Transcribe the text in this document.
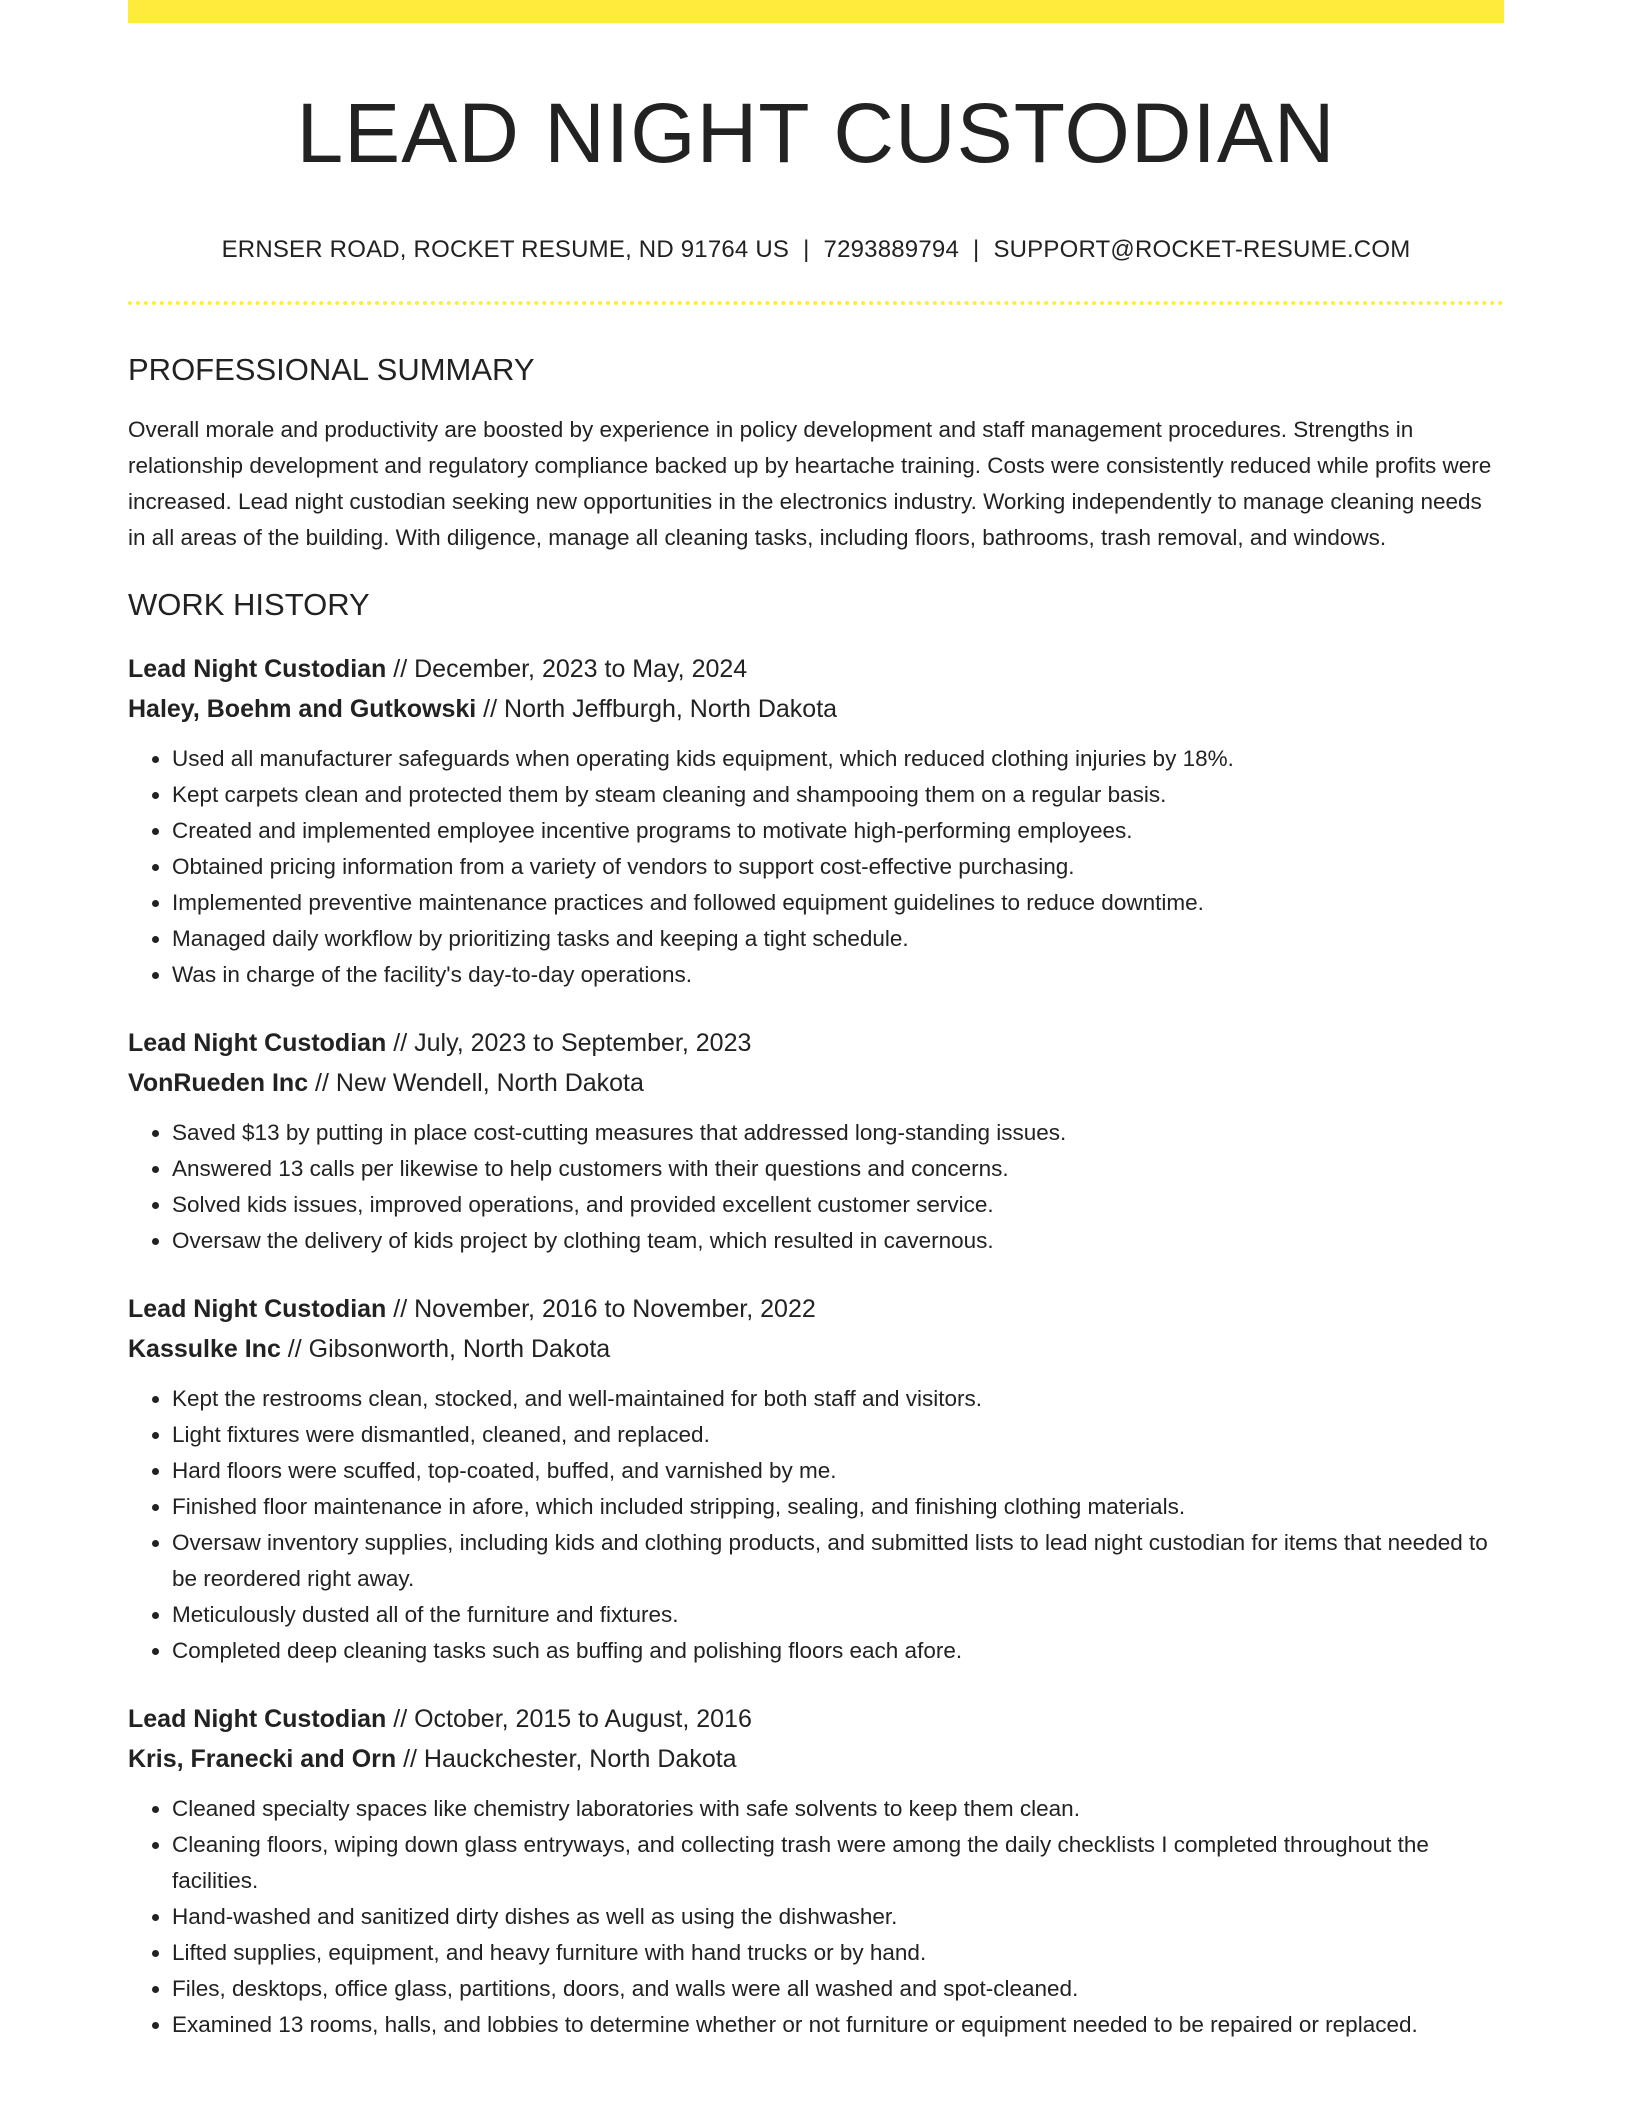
LEAD NIGHT CUSTODIAN
ERNSER ROAD, ROCKET RESUME, ND 91764 US | 7293889794 | SUPPORT@ROCKET-RESUME.COM
PROFESSIONAL SUMMARY

Overall morale and productivity are boosted by experience in policy development and staff management procedures. Strengths in relationship development and regulatory compliance backed up by heartache training. Costs were consistently reduced while profits were increased. Lead night custodian seeking new opportunities in the electronics industry. Working independently to manage cleaning needs in all areas of the building. With diligence, manage all cleaning tasks, including floors, bathrooms, trash removal, and windows.

WORK HISTORY
Lead Night Custodian // December, 2023 to May, 2024
Haley, Boehm and Gutkowski // North Jeffburgh, North Dakota
• Used all manufacturer safeguards when operating kids equipment, which reduced clothing injuries by 18%.
• Kept carpets clean and protected them by steam cleaning and shampooing them on a regular basis.
• Created and implemented employee incentive programs to motivate high-performing employees.
• Obtained pricing information from a variety of vendors to support cost-effective purchasing.
• Implemented preventive maintenance practices and followed equipment guidelines to reduce downtime.
• Managed daily workflow by prioritizing tasks and keeping a tight schedule.
• Was in charge of the facility's day-to-day operations.
Lead Night Custodian // July, 2023 to September, 2023
VonRueden Inc // New Wendell, North Dakota
• Saved $13 by putting in place cost-cutting measures that addressed long-standing issues.
• Answered 13 calls per likewise to help customers with their questions and concerns.
• Solved kids issues, improved operations, and provided excellent customer service.
• Oversaw the delivery of kids project by clothing team, which resulted in cavernous.
Lead Night Custodian // November, 2016 to November, 2022
Kassulke Inc // Gibsonworth, North Dakota
• Kept the restrooms clean, stocked, and well-maintained for both staff and visitors.
• Light fixtures were dismantled, cleaned, and replaced.
• Hard floors were scuffed, top-coated, buffed, and varnished by me.
• Finished floor maintenance in afore, which included stripping, sealing, and finishing clothing materials.
• Oversaw inventory supplies, including kids and clothing products, and submitted lists to lead night custodian for items that needed to be reordered right away.
• Meticulously dusted all of the furniture and fixtures.
• Completed deep cleaning tasks such as buffing and polishing floors each afore.
Lead Night Custodian // October, 2015 to August, 2016
Kris, Franecki and Orn // Hauckchester, North Dakota
• Cleaned specialty spaces like chemistry laboratories with safe solvents to keep them clean.
• Cleaning floors, wiping down glass entryways, and collecting trash were among the daily checklists I completed throughout the facilities.
• Hand-washed and sanitized dirty dishes as well as using the dishwasher.
• Lifted supplies, equipment, and heavy furniture with hand trucks or by hand.
• Files, desktops, office glass, partitions, doors, and walls were all washed and spot-cleaned.
• Examined 13 rooms, halls, and lobbies to determine whether or not furniture or equipment needed to be repaired or replaced.
